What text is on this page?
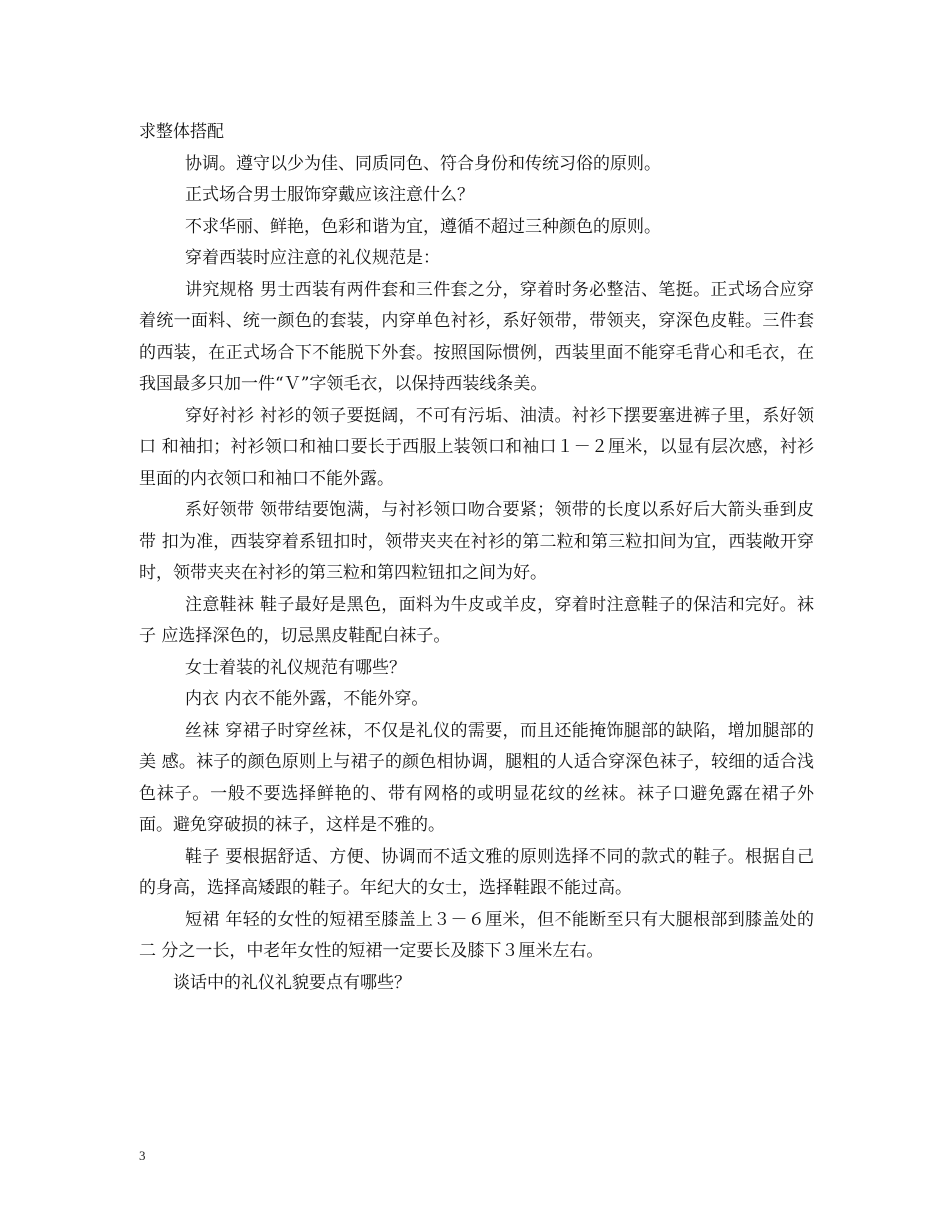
求整体搭配

协调。遵守以少为佳、同质同色、符合身份和传统习俗的原则。

正式场合男士服饰穿戴应该注意什么？

不求华丽、鲜艳，色彩和谐为宜，遵循不超过三种颜色的原则。

穿着西装时应注意的礼仪规范是：

讲究规格 男士西装有两件套和三件套之分，穿着时务必整洁、笔挺。正式场合应穿 着统一面料、统一颜色的套装，内穿单色衬衫，系好领带，带领夹，穿深色皮鞋。三件套的西装，在正式场合下不能脱下外套。按照国际惯例，西装里面不能穿毛背心和毛衣，在我国最多只加一件“Ｖ”字领毛衣，以保持西装线条美。

穿好衬衫 衬衫的领子要挺阔，不可有污垢、油渍。衬衫下摆要塞进裤子里，系好领口 和袖扣；衬衫领口和袖口要长于西服上装领口和袖口１－２厘米，以显有层次感，衬衫里面的内衣领口和袖口不能外露。

系好领带 领带结要饱满，与衬衫领口吻合要紧；领带的长度以系好后大箭头垂到皮带 扣为准，西装穿着系钮扣时，领带夹夹在衬衫的第二粒和第三粒扣间为宜，西装敞开穿时，领带夹夹在衬衫的第三粒和第四粒钮扣之间为好。

注意鞋袜 鞋子最好是黑色，面料为牛皮或羊皮，穿着时注意鞋子的保洁和完好。袜子 应选择深色的，切忌黑皮鞋配白袜子。

女士着装的礼仪规范有哪些？

内衣 内衣不能外露，不能外穿。

丝袜 穿裙子时穿丝袜，不仅是礼仪的需要，而且还能掩饰腿部的缺陷，增加腿部的美 感。袜子的颜色原则上与裙子的颜色相协调，腿粗的人适合穿深色袜子，较细的适合浅色袜子。一般不要选择鲜艳的、带有网格的或明显花纹的丝袜。袜子口避免露在裙子外面。避免穿破损的袜子，这样是不雅的。

鞋子 要根据舒适、方便、协调而不适文雅的原则选择不同的款式的鞋子。根据自己的身高，选择高矮跟的鞋子。年纪大的女士，选择鞋跟不能过高。

短裙 年轻的女性的短裙至膝盖上３－６厘米，但不能断至只有大腿根部到膝盖处的二 分之一长，中老年女性的短裙一定要长及膝下３厘米左右。

谈话中的礼仪礼貌要点有哪些？

3
